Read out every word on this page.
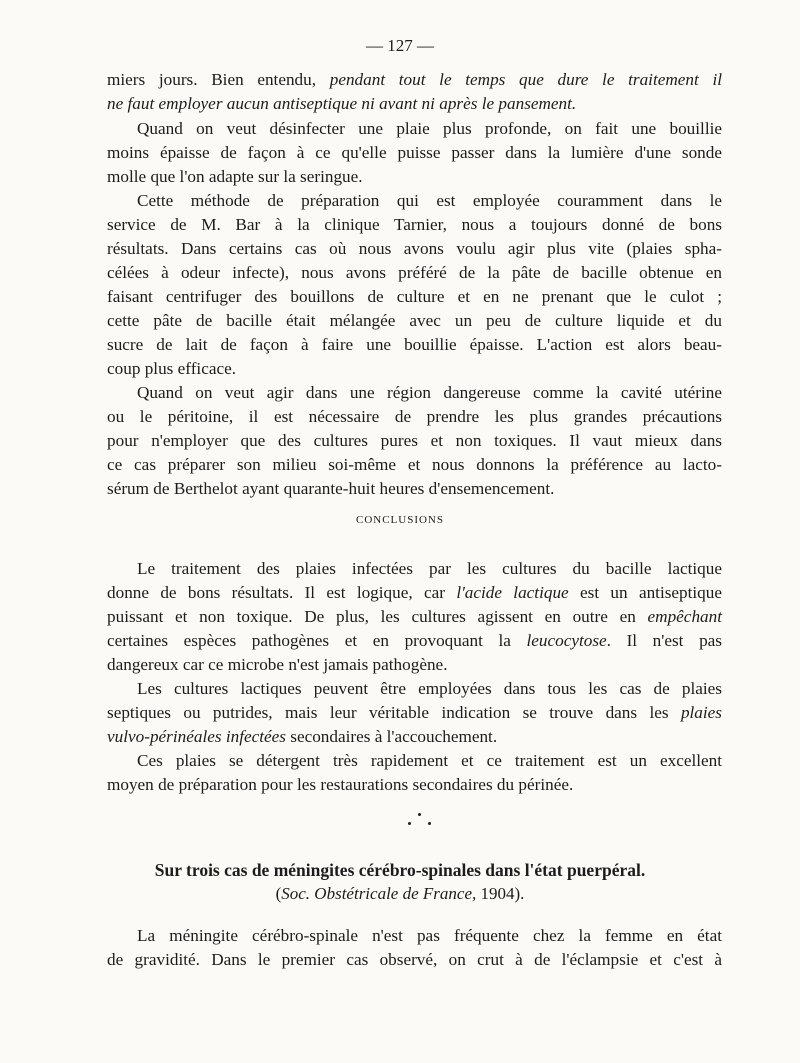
— 127 —
miers jours. Bien entendu, pendant tout le temps que dure le traitement il
ne faut employer aucun antiseptique ni avant ni après le pansement.
Quand on veut désinfecter une plaie plus profonde, on fait une bouillie
moins épaisse de façon à ce qu'elle puisse passer dans la lumière d'une sonde
molle que l'on adapte sur la seringue.
Cette méthode de préparation qui est employée couramment dans le
service de M. Bar à la clinique Tarnier, nous a toujours donné de bons
résultats. Dans certains cas où nous avons voulu agir plus vite (plaies spha-
célées à odeur infecte), nous avons préféré de la pâte de bacille obtenue en
faisant centrifuger des bouillons de culture et en ne prenant que le culot ;
cette pâte de bacille était mélangée avec un peu de culture liquide et du
sucre de lait de façon à faire une bouillie épaisse. L'action est alors beau-
coup plus efficace.
Quand on veut agir dans une région dangereuse comme la cavité utérine
ou le péritoine, il est nécessaire de prendre les plus grandes précautions
pour n'employer que des cultures pures et non toxiques. Il vaut mieux dans
ce cas préparer son milieu soi-même et nous donnons la préférence au lacto-
sérum de Berthelot ayant quarante-huit heures d'ensemencement.
CONCLUSIONS
Le traitement des plaies infectées par les cultures du bacille lactique
donne de bons résultats. Il est logique, car l'acide lactique est un antiseptique
puissant et non toxique. De plus, les cultures agissent en outre en empêchant
certaines espèces pathogènes et en provoquant la leucocytose. Il n'est pas
dangereux car ce microbe n'est jamais pathogène.
Les cultures lactiques peuvent être employées dans tous les cas de plaies
septiques ou putrides, mais leur véritable indication se trouve dans les plaies
vulvo-périnéales infectées secondaires à l'accouchement.
Ces plaies se détergent très rapidement et ce traitement est un excellent
moyen de préparation pour les restaurations secondaires du périnée.
Sur trois cas de méningites cérébro-spinales dans l'état puerpéral.
(Soc. Obstétricale de France, 1904).
La méningite cérébro-spinale n'est pas fréquente chez la femme en état
de gravidité. Dans le premier cas observé, on crut à de l'éclampsie et c'est à
